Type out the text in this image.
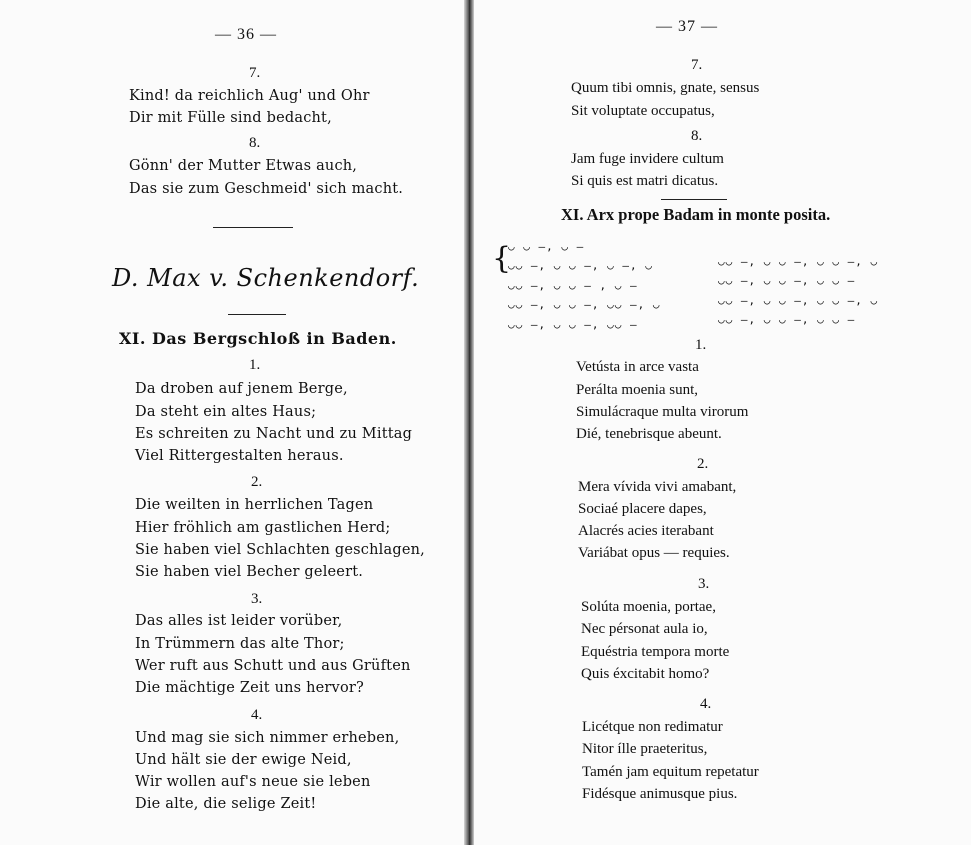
— 36 —
7.
Kind! da reichlich Aug' und Ohr
Dir mit Fülle sind bedacht,
8.
Gönn' der Mutter Etwas auch,
Das sie zum Geschmeid' sich macht.
D. Max v. Schenkendorf.
XI. Das Bergschloß in Baden.
1.
Da droben auf jenem Berge,
Da steht ein altes Haus;
Es schreiten zu Nacht und zu Mittag
Viel Rittergestalten heraus.
2.
Die weilten in herrlichen Tagen
Hier fröhlich am gastlichen Herd;
Sie haben viel Schlachten geschlagen,
Sie haben viel Becher geleert.
3.
Das alles ist leider vorüber,
In Trümmern das alte Thor;
Wer ruft aus Schutt und aus Grüften
Die mächtige Zeit uns hervor?
4.
Und mag sie sich nimmer erheben,
Und hält sie der ewige Neid,
Wir wollen auf's neue sie leben
Die alte, die selige Zeit!
— 37 —
7.
Quum tibi omnis, gnate, sensus
Sit voluptate occupatus,
8.
Jam fuge invidere cultum
Si quis est matri dicatus.
XI. Arx prope Badam in monte posita.
{
◡ ◡ —, ◡ —
◡◡ —, ◡ ◡ —, ◡ —, ◡
◡◡ —, ◡ ◡ — , ◡ —
◡◡ —, ◡ ◡ —, ◡◡ —, ◡
◡◡ —, ◡ ◡ —, ◡◡ —
◡◡ —, ◡ ◡ —, ◡ ◡ —, ◡
◡◡ —, ◡ ◡ —, ◡ ◡ —
◡◡ —, ◡ ◡ —, ◡ ◡ —, ◡
◡◡ —, ◡ ◡ —, ◡ ◡ —
1.
Vetústa in arce vasta
Perálta moenia sunt,
Simulácraque multa virorum
Dié, tenebrisque abeunt.
2.
Mera vívida vivi amabant,
Sociaé placere dapes,
Alacrés acies iterabant
Variábat opus — requies.
3.
Solúta moenia, portae,
Nec pérsonat aula io,
Equéstria tempora morte
Quis éxcitabit homo?
4.
Licétque non redimatur
Nitor ílle praeteritus,
Tamén jam equitum repetatur
Fidésque animusque pius.
